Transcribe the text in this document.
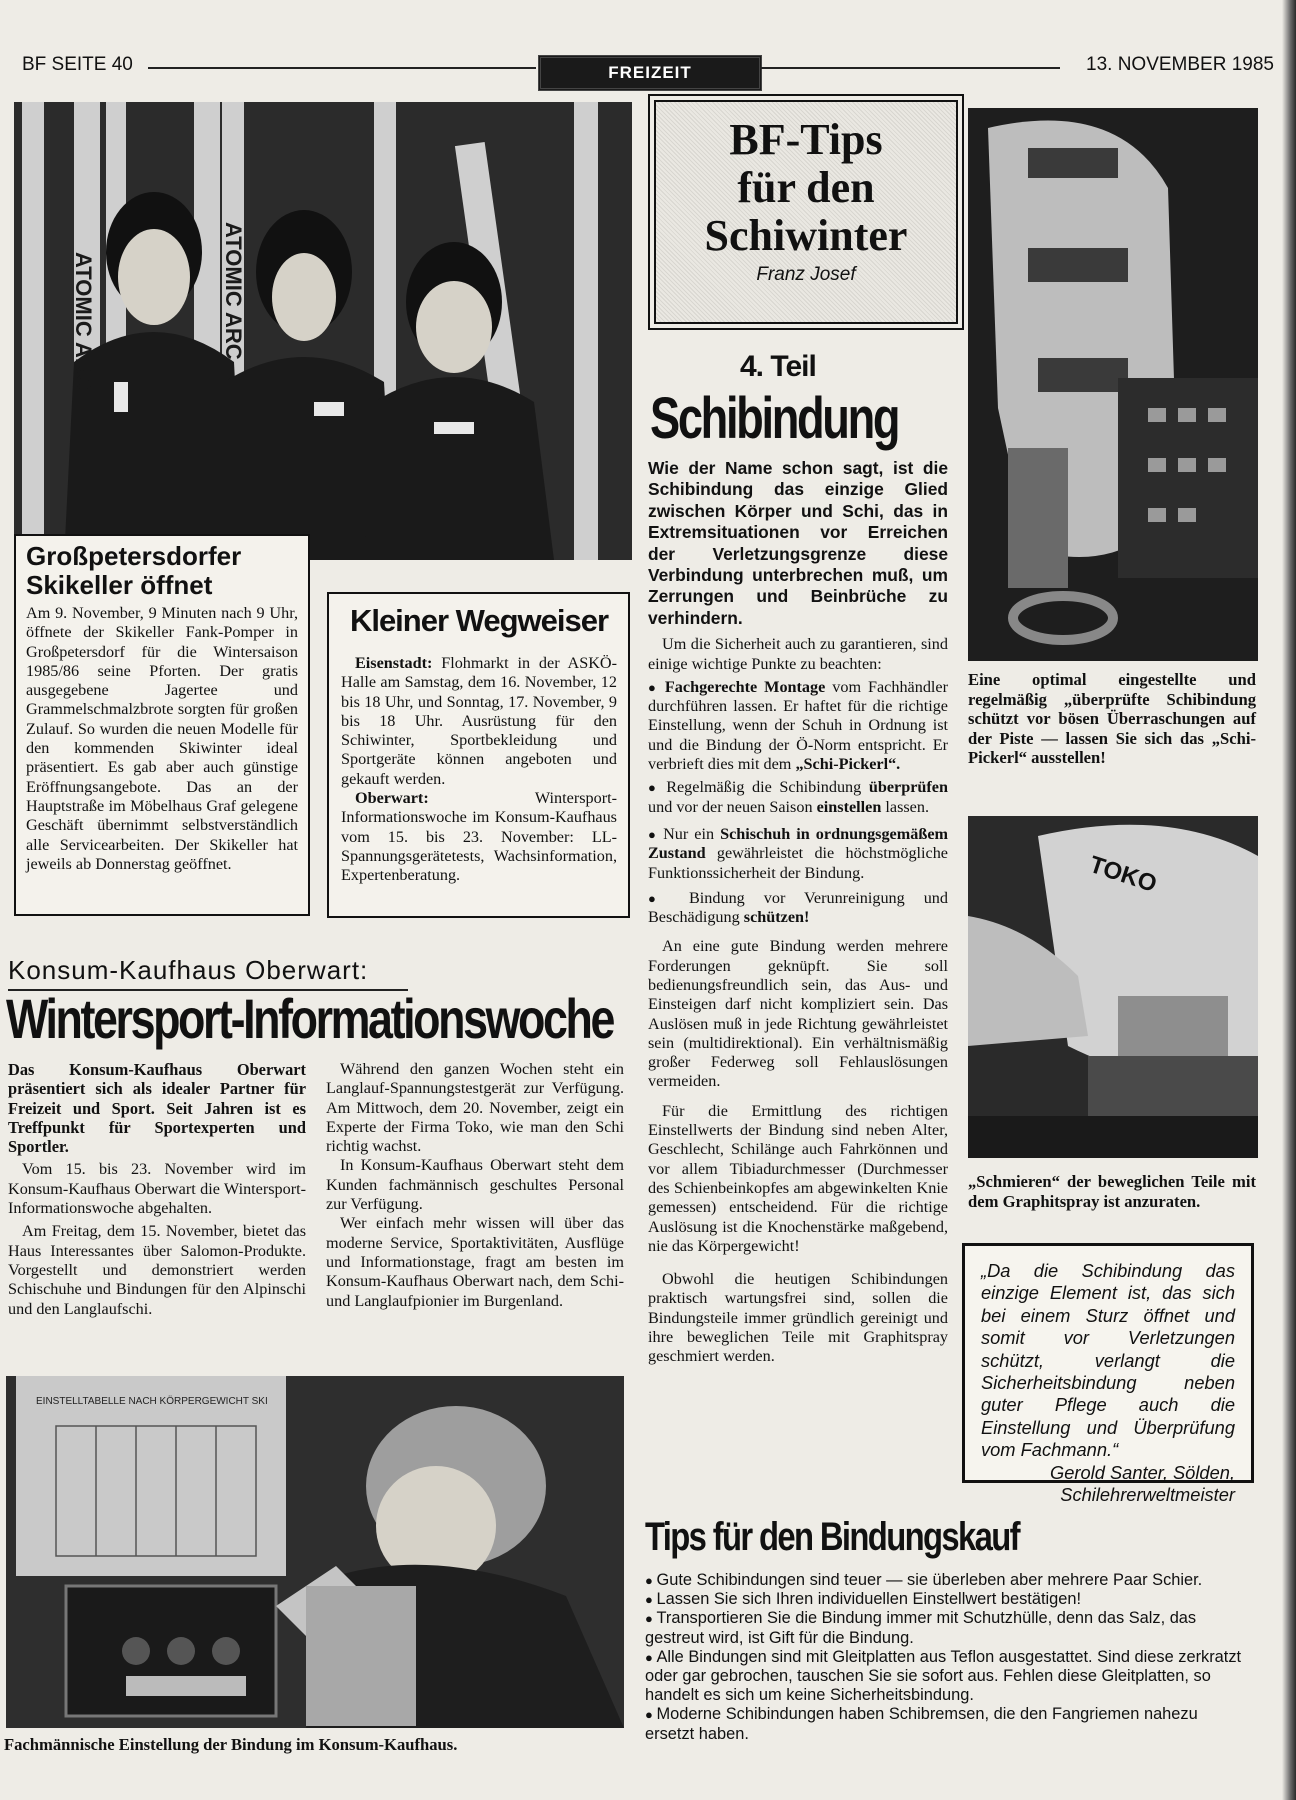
BF SEITE 40	FREIZEIT	13. NOVEMBER 1985
ATOMIC ARC
ATOMIC ARC
Großpetersdorfer Skikeller öffnet

Am 9. November, 9 Minuten nach 9 Uhr, öffnete der Skikeller Fank-Pomper in Großpetersdorf für die Wintersaison 1985/86 seine Pforten. Der gratis ausgegebene Jagertee und Grammelschmalzbrote sorgten für großen Zulauf. So wurden die neuen Modelle für den kommenden Skiwinter ideal präsentiert. Es gab aber auch günstige Eröffnungsangebote. Das an der Hauptstraße im Möbelhaus Graf gelegene Geschäft übernimmt selbstverständlich alle Servicearbeiten. Der Skikeller hat jeweils ab Donnerstag geöffnet.

Kleiner Wegweiser

Eisenstadt: Flohmarkt in der ASKÖ-Halle am Samstag, dem 16. November, 12 bis 18 Uhr, und Sonntag, 17. November, 9 bis 18 Uhr. Ausrüstung für den Schiwinter, Sportbekleidung und Sportgeräte können angeboten und gekauft werden.

Oberwart: Wintersport-Informationswoche im Konsum-Kaufhaus vom 15. bis 23. November: LL-Spannungsgerätetests, Wachsinformation, Expertenberatung.

BF-Tips
für den
Schiwinter
Franz Josef
4. Teil
Schibindung

Wie der Name schon sagt, ist die Schibindung das einzige Glied zwischen Körper und Schi, das in Extremsituationen vor Erreichen der Verletzungsgrenze diese Verbindung unterbrechen muß, um Zerrungen und Beinbrüche zu verhindern.

Um die Sicherheit auch zu garantieren, sind einige wichtige Punkte zu beachten:

● Fachgerechte Montage vom Fachhändler durchführen lassen. Er haftet für die richtige Einstellung, wenn der Schuh in Ordnung ist und die Bindung der Ö-Norm entspricht. Er verbrieft dies mit dem „Schi-Pickerl“.

● Regelmäßig die Schibindung überprüfen und vor der neuen Saison einstellen lassen.

● Nur ein Schischuh in ordnungsgemäßem Zustand gewährleistet die höchstmögliche Funktionssicherheit der Bindung.

● Bindung vor Verunreinigung und Beschädigung schützen!

An eine gute Bindung werden mehrere Forderungen geknüpft. Sie soll bedienungsfreundlich sein, das Aus- und Einsteigen darf nicht kompliziert sein. Das Auslösen muß in jede Richtung gewährleistet sein (multidirektional). Ein verhältnismäßig großer Federweg soll Fehlauslösungen vermeiden.

Für die Ermittlung des richtigen Einstellwerts der Bindung sind neben Alter, Geschlecht, Schilänge auch Fahrkönnen und vor allem Tibiadurchmesser (Durchmesser des Schienbeinkopfes am abgewinkelten Knie gemessen) entscheidend. Für die richtige Auslösung ist die Knochenstärke maßgebend, nie das Körpergewicht!

Obwohl die heutigen Schibindungen praktisch wartungsfrei sind, sollen die Bindungsteile immer gründlich gereinigt und ihre beweglichen Teile mit Graphitspray geschmiert werden.

Eine optimal eingestellte und regelmäßig „überprüfte Schibindung schützt vor bösen Überraschungen auf der Piste — lassen Sie sich das „Schi-Pickerl“ ausstellen!

TOKO

„Schmieren“ der beweglichen Teile mit dem Graphitspray ist anzuraten.

„Da die Schibindung das einzige Element ist, das sich bei einem Sturz öffnet und somit vor Verletzungen schützt, verlangt die Sicherheitsbindung neben guter Pflege auch die Einstellung und Überprüfung vom Fachmann.“

Gerold Santer, Sölden,

Schilehrerweltmeister

Konsum-Kaufhaus Oberwart:
Wintersport-Informationswoche

Das Konsum-Kaufhaus Oberwart präsentiert sich als idealer Partner für Freizeit und Sport. Seit Jahren ist es Treffpunkt für Sportexperten und Sportler.

Vom 15. bis 23. November wird im Konsum-Kaufhaus Oberwart die Wintersport-Informationswoche abgehalten.

Am Freitag, dem 15. November, bietet das Haus Interessantes über Salomon-Produkte. Vorgestellt und demonstriert werden Schischuhe und Bindungen für den Alpinschi und den Langlaufschi.

Während den ganzen Wochen steht ein Langlauf-Spannungstestgerät zur Verfügung. Am Mittwoch, dem 20. November, zeigt ein Experte der Firma Toko, wie man den Schi richtig wachst.

In Konsum-Kaufhaus Oberwart steht dem Kunden fachmännisch geschultes Personal zur Verfügung.

Wer einfach mehr wissen will über das moderne Service, Sportaktivitäten, Ausflüge und Informationstage, fragt am besten im Konsum-Kaufhaus Oberwart nach, dem Schi- und Langlaufpionier im Burgenland.

EINSTELLTABELLE NACH KÖRPERGEWICHT SKI

Fachmännische Einstellung der Bindung im Konsum-Kaufhaus.

Tips für den Bindungskauf
● Gute Schibindungen sind teuer — sie überleben aber mehrere Paar Schier.
● Lassen Sie sich Ihren individuellen Einstellwert bestätigen!
● Transportieren Sie die Bindung immer mit Schutzhülle, denn das Salz, das gestreut wird, ist Gift für die Bindung.
● Alle Bindungen sind mit Gleitplatten aus Teflon ausgestattet. Sind diese zerkratzt oder gar gebrochen, tauschen Sie sie sofort aus. Fehlen diese Gleitplatten, so handelt es sich um keine Sicherheitsbindung.
● Moderne Schibindungen haben Schibremsen, die den Fangriemen nahezu ersetzt haben.
